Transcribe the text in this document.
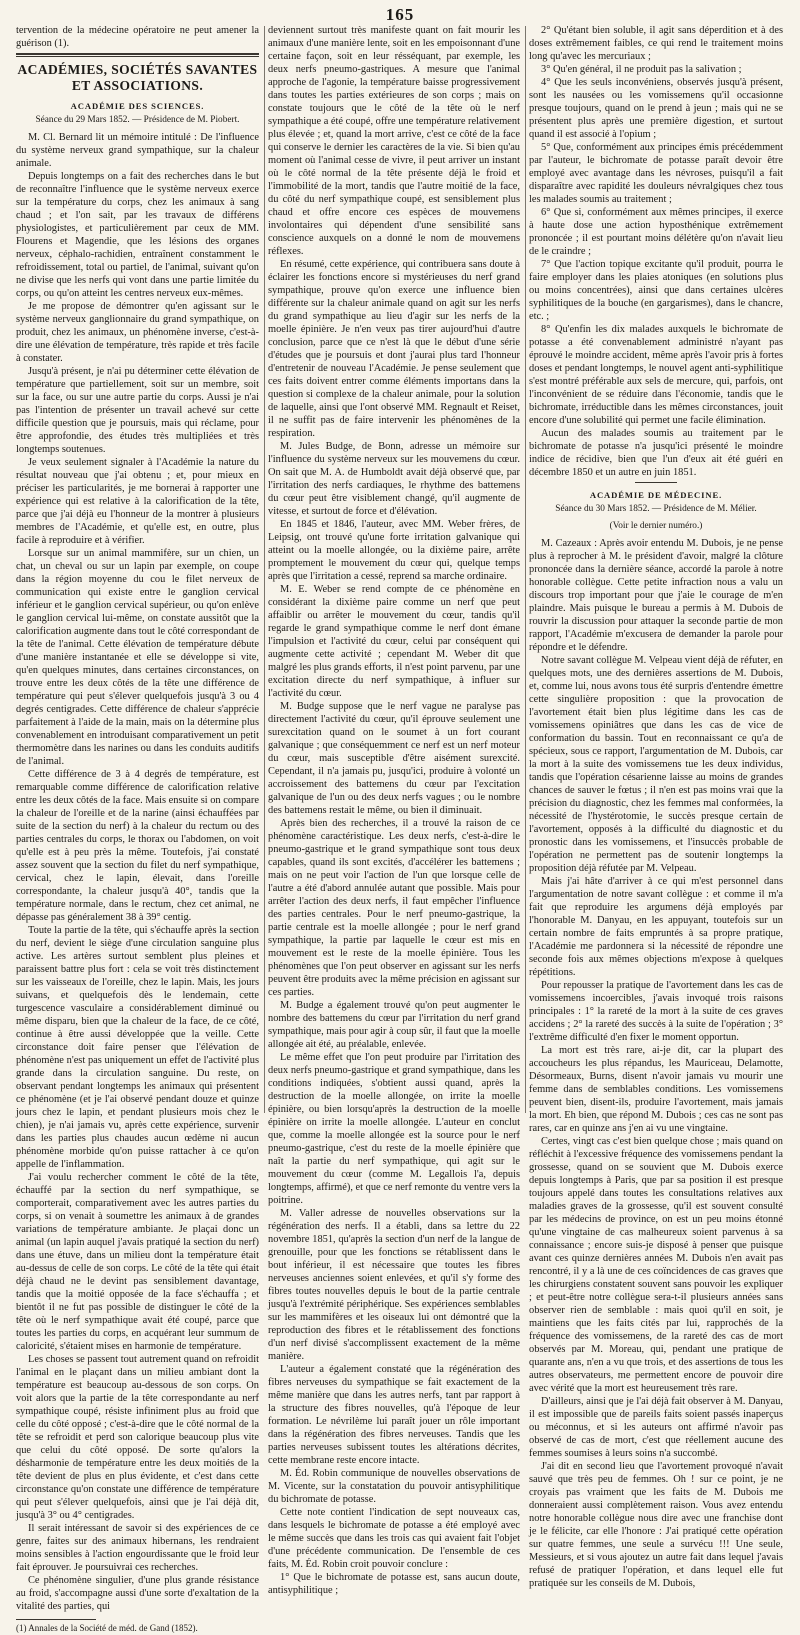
165

tervention de la médecine opératoire ne peut amener la guérison (1).

ACADÉMIES, SOCIÉTÉS SAVANTES ET ASSOCIATIONS.

ACADÉMIE DES SCIENCES.

Séance du 29 Mars 1852. — Présidence de M. Piobert.

M. Cl. Bernard lit un mémoire intitulé : De l'influence du système nerveux grand sympathique, sur la chaleur animale.

Depuis longtemps on a fait des recherches dans le but de reconnaître l'influence que le système nerveux exerce sur la température du corps, chez les animaux à sang chaud ; et l'on sait, par les travaux de différens physiologistes, et particulièrement par ceux de MM. Flourens et Magendie, que les lésions des organes nerveux, céphalo-rachidien, entraînent constamment le refroidissement, total ou partiel, de l'animal, suivant qu'on ne divise que les nerfs qui vont dans une partie limitée du corps, ou qu'on atteint les centres nerveux eux-mêmes.

Je me propose de démontrer qu'en agissant sur le système nerveux ganglionnaire du grand sympathique, on produit, chez les animaux, un phénomène inverse, c'est-à-dire une élévation de température, très rapide et très facile à constater.

Jusqu'à présent, je n'ai pu déterminer cette élévation de température que partiellement, soit sur un membre, soit sur la face, ou sur une autre partie du corps. Aussi je n'ai pas l'intention de présenter un travail achevé sur cette difficile question que je poursuis, mais qui réclame, pour être approfondie, des études très multipliées et très longtemps soutenues.

Je veux seulement signaler à l'Académie la nature du résultat nouveau que j'ai obtenu ; et, pour mieux en préciser les particularités, je me bornerai à rapporter une expérience qui est relative à la calorification de la tête, parce que j'ai déjà eu l'honneur de la montrer à plusieurs membres de l'Académie, et qu'elle est, en outre, plus facile à reproduire et à vérifier.

Lorsque sur un animal mammifère, sur un chien, un chat, un cheval ou sur un lapin par exemple, on coupe dans la région moyenne du cou le filet nerveux de communication qui existe entre le ganglion cervical inférieur et le ganglion cervical supérieur, ou qu'on enlève le ganglion cervical lui-même, on constate aussitôt que la calorification augmente dans tout le côté correspondant de la tête de l'animal. Cette élévation de température débute d'une manière instantanée et elle se développe si vite, qu'en quelques minutes, dans certaines circonstances, on trouve entre les deux côtés de la tête une différence de température qui peut s'élever quelquefois jusqu'à 3 ou 4 degrés centigrades. Cette différence de chaleur s'apprécie parfaitement à l'aide de la main, mais on la détermine plus convenablement en introduisant comparativement un petit thermomètre dans les narines ou dans les conduits auditifs de l'animal.

Cette différence de 3 à 4 degrés de température, est remarquable comme différence de calorification relative entre les deux côtés de la face. Mais ensuite si on compare la chaleur de l'oreille et de la narine (ainsi échauffées par suite de la section du nerf) à la chaleur du rectum ou des parties centrales du corps, le thorax ou l'abdomen, on voit qu'elle est à peu près la même. Toutefois, j'ai constaté assez souvent que la section du filet du nerf sympathique, cervical, chez le lapin, élevait, dans l'oreille correspondante, la chaleur jusqu'à 40°, tandis que la température normale, dans le rectum, chez cet animal, ne dépasse pas généralement 38 à 39° centig.

Toute la partie de la tête, qui s'échauffe après la section du nerf, devient le siège d'une circulation sanguine plus active. Les artères surtout semblent plus pleines et paraissent battre plus fort : cela se voit très distinctement sur les vaisseaux de l'oreille, chez le lapin. Mais, les jours suivans, et quelquefois dès le lendemain, cette turgescence vasculaire a considérablement diminué ou même disparu, bien que la chaleur de la face, de ce côté, continue à être aussi développée que la veille. Cette circonstance doit faire penser que l'élévation de phénomène n'est pas uniquement un effet de l'activité plus grande dans la circulation sanguine. Du reste, on observant pendant longtemps les animaux qui présentent ce phénomène (et je l'ai observé pendant douze et quinze jours chez le lapin, et pendant plusieurs mois chez le chien), je n'ai jamais vu, après cette expérience, survenir dans les parties plus chaudes aucun œdème ni aucun phénomène morbide qu'on puisse rattacher à ce qu'on appelle de l'inflammation.

J'ai voulu rechercher comment le côté de la tête, échauffé par la section du nerf sympathique, se comporterait, comparativement avec les autres parties du corps, si on venait à soumettre les animaux à de grandes variations de température ambiante. Je plaçai donc un animal (un lapin auquel j'avais pratiqué la section du nerf) dans une étuve, dans un milieu dont la température était au-dessus de celle de son corps. Le côté de la tête qui était déjà chaud ne le devint pas sensiblement davantage, tandis que la moitié opposée de la face s'échauffa ; et bientôt il ne fut pas possible de distinguer le côté de la tête où le nerf sympathique avait été coupé, parce que toutes les parties du corps, en acquérant leur summum de caloricité, s'étaient mises en harmonie de température.

Les choses se passent tout autrement quand on refroidit l'animal en le plaçant dans un milieu ambiant dont la température est beaucoup au-dessous de son corps. On voit alors que la partie de la tête correspondante au nerf sympathique coupé, résiste infiniment plus au froid que celle du côté opposé ; c'est-à-dire que le côté normal de la tête se refroidit et perd son calorique beaucoup plus vite que celui du côté opposé. De sorte qu'alors la désharmonie de température entre les deux moitiés de la tête devient de plus en plus évidente, et c'est dans cette circonstance qu'on constate une différence de température qui peut s'élever quelquefois, ainsi que je l'ai déjà dit, jusqu'à 3° ou 4° centigrades.

Il serait intéressant de savoir si des expériences de ce genre, faites sur des animaux hibernans, les rendraient moins sensibles à l'action engourdissante que le froid leur fait éprouver. Je poursuivrai ces recherches.

Ce phénomène singulier, d'une plus grande résistance au froid, s'accompagne aussi d'une sorte d'exaltation de la vitalité des parties, qui

(1) Annales de la Société de méd. de Gand (1852).

deviennent surtout très manifeste quant on fait mourir les animaux d'une manière lente, soit en les empoisonnant d'une certaine façon, soit en leur résséquant, par exemple, les deux nerfs pneumo-gastriques. A mesure que l'animal approche de l'agonie, la température baisse progressivement dans toutes les parties extérieures de son corps ; mais on constate toujours que le côté de la tête où le nerf sympathique a été coupé, offre une température relativement plus élevée ; et, quand la mort arrive, c'est ce côté de la face qui conserve le dernier les caractères de la vie. Si bien qu'au moment où l'animal cesse de vivre, il peut arriver un instant où le côté normal de la tête présente déjà le froid et l'immobilité de la mort, tandis que l'autre moitié de la face, du côté du nerf sympathique coupé, est sensiblement plus chaud et offre encore ces espèces de mouvemens involontaires qui dépendent d'une sensibilité sans conscience auxquels on a donné le nom de mouvemens réflexes.

En résumé, cette expérience, qui contribuera sans doute à éclairer les fonctions encore si mystérieuses du nerf grand sympathique, prouve qu'on exerce une influence bien différente sur la chaleur animale quand on agit sur les nerfs du grand sympathique au lieu d'agir sur les nerfs de la moelle épinière. Je n'en veux pas tirer aujourd'hui d'autre conclusion, parce que ce n'est là que le début d'une série d'études que je poursuis et dont j'aurai plus tard l'honneur d'entretenir de nouveau l'Académie. Je pense seulement que ces faits doivent entrer comme éléments importans dans la question si complexe de la chaleur animale, pour la solution de laquelle, ainsi que l'ont observé MM. Regnault et Reiset, il ne suffit pas de faire intervenir les phénomènes de la respiration.

M. Jules Budge, de Bonn, adresse un mémoire sur l'influence du système nerveux sur les mouvemens du cœur. On sait que M. A. de Humboldt avait déjà observé que, par l'irritation des nerfs cardiaques, le rhythme des battemens du cœur peut être visiblement changé, qu'il augmente de vitesse, et surtout de force et d'élévation.

En 1845 et 1846, l'auteur, avec MM. Weber frères, de Leipsig, ont trouvé qu'une forte irritation galvanique qui atteint ou la moelle allongée, ou la dixième paire, arrête promptement le mouvement du cœur qui, quelque temps après que l'irritation a cessé, reprend sa marche ordinaire.

M. E. Weber se rend compte de ce phénomène en considérant la dixième paire comme un nerf que peut affaiblir ou arrêter le mouvement du cœur, tandis qu'il regarde le grand sympathique comme le nerf dont émane l'impulsion et l'activité du cœur, celui par conséquent qui augmente cette activité ; cependant M. Weber dit que malgré les plus grands efforts, il n'est point parvenu, par une excitation directe du nerf sympathique, à influer sur l'activité du cœur.

M. Budge suppose que le nerf vague ne paralyse pas directement l'activité du cœur, qu'il éprouve seulement une surexcitation quand on le soumet à un fort courant galvanique ; que conséquemment ce nerf est un nerf moteur du cœur, mais susceptible d'être aisément surexcité. Cependant, il n'a jamais pu, jusqu'ici, produire à volonté un accroissement des battemens du cœur par l'excitation galvanique de l'un ou des deux nerfs vagues ; ou le nombre des battemens restait le même, ou bien il diminuait.

Après bien des recherches, il a trouvé la raison de ce phénomène caractéristique. Les deux nerfs, c'est-à-dire le pneumo-gastrique et le grand sympathique sont tous deux capables, quand ils sont excités, d'accélérer les battemens ; mais on ne peut voir l'action de l'un que lorsque celle de l'autre a été d'abord annulée autant que possible. Mais pour arrêter l'action des deux nerfs, il faut empêcher l'influence des parties centrales. Pour le nerf pneumo-gastrique, la partie centrale est la moelle allongée ; pour le nerf grand sympathique, la partie par laquelle le cœur est mis en mouvement est le reste de la moelle épinière. Tous les phénomènes que l'on peut observer en agissant sur les nerfs peuvent être produits avec la même précision en agissant sur ces parties.

M. Budge a également trouvé qu'on peut augmenter le nombre des battemens du cœur par l'irritation du nerf grand sympathique, mais pour agir à coup sûr, il faut que la moelle allongée ait été, au préalable, enlevée.

Le même effet que l'on peut produire par l'irritation des deux nerfs pneumo-gastrique et grand sympathique, dans les conditions indiquées, s'obtient aussi quand, après la destruction de la moelle allongée, on irrite la moelle épinière, ou bien lorsqu'après la destruction de la moelle épinière on irrite la moelle allongée. L'auteur en conclut que, comme la moelle allongée est la source pour le nerf pneumo-gastrique, c'est du reste de la moelle épinière que naît la partie du nerf sympathique, qui agit sur le mouvement du cœur (comme M. Legallois l'a, depuis longtemps, affirmé), et que ce nerf remonte du ventre vers la poitrine.

M. Valler adresse de nouvelles observations sur la régénération des nerfs. Il a établi, dans sa lettre du 22 novembre 1851, qu'après la section d'un nerf de la langue de grenouille, pour que les fonctions se rétablissent dans le bout inférieur, il est nécessaire que toutes les fibres nerveuses anciennes soient enlevées, et qu'il s'y forme des fibres toutes nouvelles depuis le bout de la partie centrale jusqu'à l'extrémité périphérique. Ses expériences semblables sur les mammifères et les oiseaux lui ont démontré que la reproduction des fibres et le rétablissement des fonctions d'un nerf divisé s'accomplissent exactement de la même manière.

L'auteur a également constaté que la régénération des fibres nerveuses du sympathique se fait exactement de la même manière que dans les autres nerfs, tant par rapport à la structure des fibres nouvelles, qu'à l'époque de leur formation. Le névrilème lui paraît jouer un rôle important dans la régénération des fibres nerveuses. Tandis que les parties nerveuses subissent toutes les altérations décrites, cette membrane reste encore intacte.

M. Éd. Robin communique de nouvelles observations de M. Vicente, sur la constatation du pouvoir antisyphilitique du bichromate de potasse.

Cette note contient l'indication de sept nouveaux cas, dans lesquels le bichromate de potasse a été employé avec le même succès que dans les trois cas qui avaient fait l'objet d'une précédente communication. De l'ensemble de ces faits, M. Éd. Robin croit pouvoir conclure :

1° Que le bichromate de potasse est, sans aucun doute, antisyphilitique ;

2° Qu'étant bien soluble, il agit sans déperdition et à des doses extrêmement faibles, ce qui rend le traitement moins long qu'avec les mercuriaux ;

3° Qu'en général, il ne produit pas la salivation ;

4° Que les seuls inconvéniens, observés jusqu'à présent, sont les nausées ou les vomissemens qu'il occasionne presque toujours, quand on le prend à jeun ; mais qui ne se présentent plus après une première digestion, et surtout quand il est associé à l'opium ;

5° Que, conformément aux principes émis précédemment par l'auteur, le bichromate de potasse paraît devoir être employé avec avantage dans les névroses, puisqu'il a fait disparaître avec rapidité les douleurs névralgiques chez tous les malades soumis au traitement ;

6° Que si, conformément aux mêmes principes, il exerce à haute dose une action hyposthénique extrêmement prononcée ; il est pourtant moins délétère qu'on n'avait lieu de le craindre ;

7° Que l'action topique excitante qu'il produit, pourra le faire employer dans les plaies atoniques (en solutions plus ou moins concentrées), ainsi que dans certaines ulcères syphilitiques de la bouche (en gargarismes), dans le chancre, etc. ;

8° Qu'enfin les dix malades auxquels le bichromate de potasse a été convenablement administré n'ayant pas éprouvé le moindre accident, même après l'avoir pris à fortes doses et pendant longtemps, le nouvel agent anti-syphilitique s'est montré préférable aux sels de mercure, qui, parfois, ont l'inconvénient de se réduire dans l'économie, tandis que le bichromate, irréductible dans les mêmes circonstances, jouit encore d'une solubilité qui permet une facile élimination.

Aucun des malades soumis au traitement par le bichromate de potasse n'a jusqu'ici présenté le moindre indice de récidive, bien que l'un d'eux ait été guéri en décembre 1850 et un autre en juin 1851.

ACADÉMIE DE MÉDECINE.

Séance du 30 Mars 1852. — Présidence de M. Mélier.

(Voir le dernier numéro.)

M. Cazeaux : Après avoir entendu M. Dubois, je ne pense plus à reprocher à M. le président d'avoir, malgré la clôture prononcée dans la dernière séance, accordé la parole à notre honorable collègue. Cette petite infraction nous a valu un discours trop important pour que j'aie le courage de m'en plaindre. Mais puisque le bureau a permis à M. Dubois de rouvrir la discussion pour attaquer la seconde partie de mon rapport, l'Académie m'excusera de demander la parole pour répondre et le défendre.

Notre savant collègue M. Velpeau vient déjà de réfuter, en quelques mots, une des dernières assertions de M. Dubois, et, comme lui, nous avons tous été surpris d'entendre émettre cette singulière proposition : que la provocation de l'avortement était bien plus légitime dans les cas de vomissemens opiniâtres que dans les cas de vice de conformation du bassin. Tout en reconnaissant ce qu'a de spécieux, sous ce rapport, l'argumentation de M. Dubois, car la mort à la suite des vomissemens tue les deux individus, tandis que l'opération césarienne laisse au moins de grandes chances de sauver le fœtus ; il n'en est pas moins vrai que la précision du diagnostic, chez les femmes mal conformées, la nécessité de l'hystérotomie, le succès presque certain de l'avortement, opposés à la difficulté du diagnostic et du pronostic dans les vomissemens, et l'insuccès probable de l'opération ne permettent pas de soutenir longtemps la proposition déjà réfutée par M. Velpeau.

Mais j'ai hâte d'arriver à ce qui m'est personnel dans l'argumentation de notre savant collègue : et comme il m'a fait que reproduire les argumens déjà employés par l'honorable M. Danyau, en les appuyant, toutefois sur un certain nombre de faits empruntés à sa propre pratique, l'Académie me pardonnera si la nécessité de répondre une seconde fois aux mêmes objections m'expose à quelques répétitions.

Pour repousser la pratique de l'avortement dans les cas de vomissemens incoercibles, j'avais invoqué trois raisons principales : 1° la rareté de la mort à la suite de ces graves accidens ; 2° la rareté des succès à la suite de l'opération ; 3° l'extrême difficulté d'en fixer le moment opportun.

La mort est très rare, ai-je dit, car la plupart des accoucheurs les plus répandus, les Mauriceau, Delamotte, Désormeaux, Burns, disent n'avoir jamais vu mourir une femme dans de semblables conditions. Les vomissemens peuvent bien, disent-ils, produire l'avortement, mais jamais la mort. Eh bien, que répond M. Dubois ; ces cas ne sont pas rares, car en quinze ans j'en ai vu une vingtaine.

Certes, vingt cas c'est bien quelque chose ; mais quand on réfléchit à l'excessive fréquence des vomissemens pendant la grossesse, quand on se souvient que M. Dubois exerce depuis longtemps à Paris, que par sa position il est presque toujours appelé dans toutes les consultations relatives aux maladies graves de la grossesse, qu'il est souvent consulté par les médecins de province, on est un peu moins étonné qu'une vingtaine de cas malheureux soient parvenus à sa connaissance ; encore suis-je disposé à penser que puisque avant ces quinze dernières années M. Dubois n'en avait pas rencontré, il y a là une de ces coïncidences de cas graves que les chirurgiens constatent souvent sans pouvoir les expliquer ; et peut-être notre collègue sera-t-il plusieurs années sans observer rien de semblable : mais quoi qu'il en soit, je maintiens que les faits cités par lui, rapprochés de la fréquence des vomissemens, de la rareté des cas de mort observés par M. Moreau, qui, pendant une pratique de quarante ans, n'en a vu que trois, et des assertions de tous les autres observateurs, me permettent encore de pouvoir dire avec vérité que la mort est heureusement très rare.

D'ailleurs, ainsi que je l'ai déjà fait observer à M. Danyau, il est impossible que de pareils faits soient passés inaperçus ou méconnus, et si les auteurs ont affirmé n'avoir pas observé de cas de mort, c'est que réellement aucune des femmes soumises à leurs soins n'a succombé.

J'ai dit en second lieu que l'avortement provoqué n'avait sauvé que très peu de femmes. Oh ! sur ce point, je ne croyais pas vraiment que les faits de M. Dubois me donneraient aussi complètement raison. Vous avez entendu notre honorable collègue nous dire avec une franchise dont je le félicite, car elle l'honore : J'ai pratiqué cette opération sur quatre femmes, une seule a survécu !!! Une seule, Messieurs, et si vous ajoutez un autre fait dans lequel j'avais refusé de pratiquer l'opération, et dans lequel elle fut pratiquée sur les conseils de M. Dubois,
